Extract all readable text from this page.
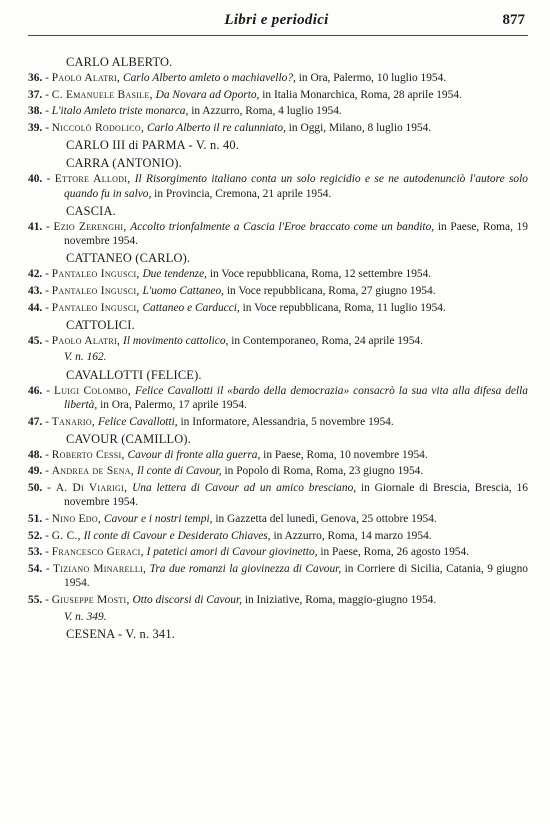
Libri e periodici	877
CARLO ALBERTO.
36. - Paolo Alatri, Carlo Alberto amleto o machiavello?, in Ora, Palermo, 10 luglio 1954.
37. - C. Emanuele Basile, Da Novara ad Oporto, in Italia Monarchica, Roma, 28 aprile 1954.
38. - L'italo Amleto triste monarca, in Azzurro, Roma, 4 luglio 1954.
39. - Niccolò Rodolico, Carlo Alberto il re calunniato, in Oggi, Milano, 8 luglio 1954.
CARLO III di PARMA - V. n. 40.
CARRA (ANTONIO).
40. - Ettore Allodi, Il Risorgimento italiano conta un solo regicidio e se ne autodenunciò l'autore solo quando fu in salvo, in Provincia, Cremona, 21 aprile 1954.
CASCIA.
41. - Ezio Zerenghi, Accolto trionfalmente a Cascia l'Eroe braccato come un bandito, in Paese, Roma, 19 novembre 1954.
CATTANEO (CARLO).
42. - Pantaleo Ingusci, Due tendenze, in Voce repubblicana, Roma, 12 settembre 1954.
43. - Pantaleo Ingusci, L'uomo Cattaneo, in Voce repubblicana, Roma, 27 giugno 1954.
44. - Pantaleo Ingusci, Cattaneo e Carducci, in Voce repubblicana, Roma, 11 luglio 1954.
CATTOLICI.
45. - Paolo Alatri, Il movimento cattolico, in Contemporaneo, Roma, 24 aprile 1954.
V. n. 162.
CAVALLOTTI (FELICE).
46. - Luigi Colombo, Felice Cavallotti il «bardo della democrazia» consacrò la sua vita alla difesa della libertà, in Ora, Palermo, 17 aprile 1954.
47. - Tanario, Felice Cavallotti, in Informatore, Alessandria, 5 novembre 1954.
CAVOUR (CAMILLO).
48. - Roberto Cessi, Cavour di fronte alla guerra, in Paese, Roma, 10 novembre 1954.
49. - Andrea de Sena, Il conte di Cavour, in Popolo di Roma, Roma, 23 giugno 1954.
50. - A. Di Viarigi, Una lettera di Cavour ad un amico bresciano, in Giornale di Brescia, Brescia, 16 novembre 1954.
51. - Nino Edo, Cavour e i nostri tempi, in Gazzetta del lunedì, Genova, 25 ottobre 1954.
52. - G. C., Il conte di Cavour e Desiderato Chiaves, in Azzurro, Roma, 14 marzo 1954.
53. - Francesco Geraci, I patetici amori di Cavour giovinetto, in Paese, Roma, 26 agosto 1954.
54. - Tiziano Minarelli, Tra due romanzi la giovinezza di Cavour, in Corriere di Sicilia, Catania, 9 giugno 1954.
55. - Giuseppe Mosti, Otto discorsi di Cavour, in Iniziative, Roma, maggio-giugno 1954.
V. n. 349.
CESENA - V. n. 341.
